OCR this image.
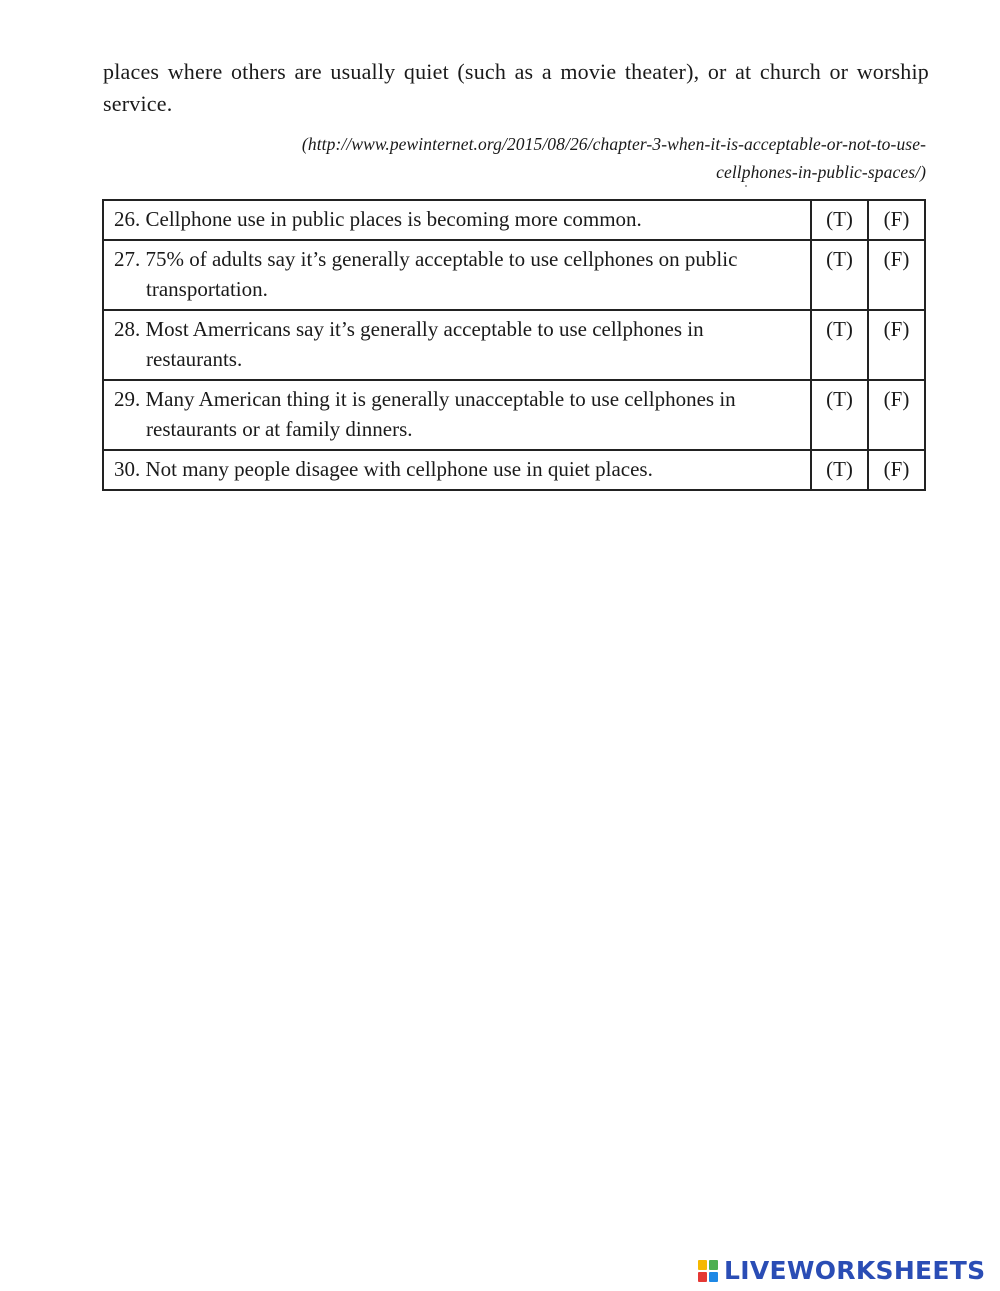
places where others are usually quiet (such as a movie theater), or at church or worship service.
(http://www.pewinternet.org/2015/08/26/chapter-3-when-it-is-acceptable-or-not-to-use-
cellphones-in-public-spaces/)
26. Cellphone use in public places is becoming more common.	(T)	(F)

27. 75% of adults say it’s generally acceptable to use cellphones on public transportation.	(T)	(F)

28. Most Amerricans say it’s generally acceptable to use cellphones in restaurants.	(T)	(F)

29. Many American thing it is generally unacceptable to use cellphones in restaurants or at family dinners.	(T)	(F)

30. Not many people disagee with cellphone use in quiet places.	(T)	(F)
LIVEWORKSHEETS
